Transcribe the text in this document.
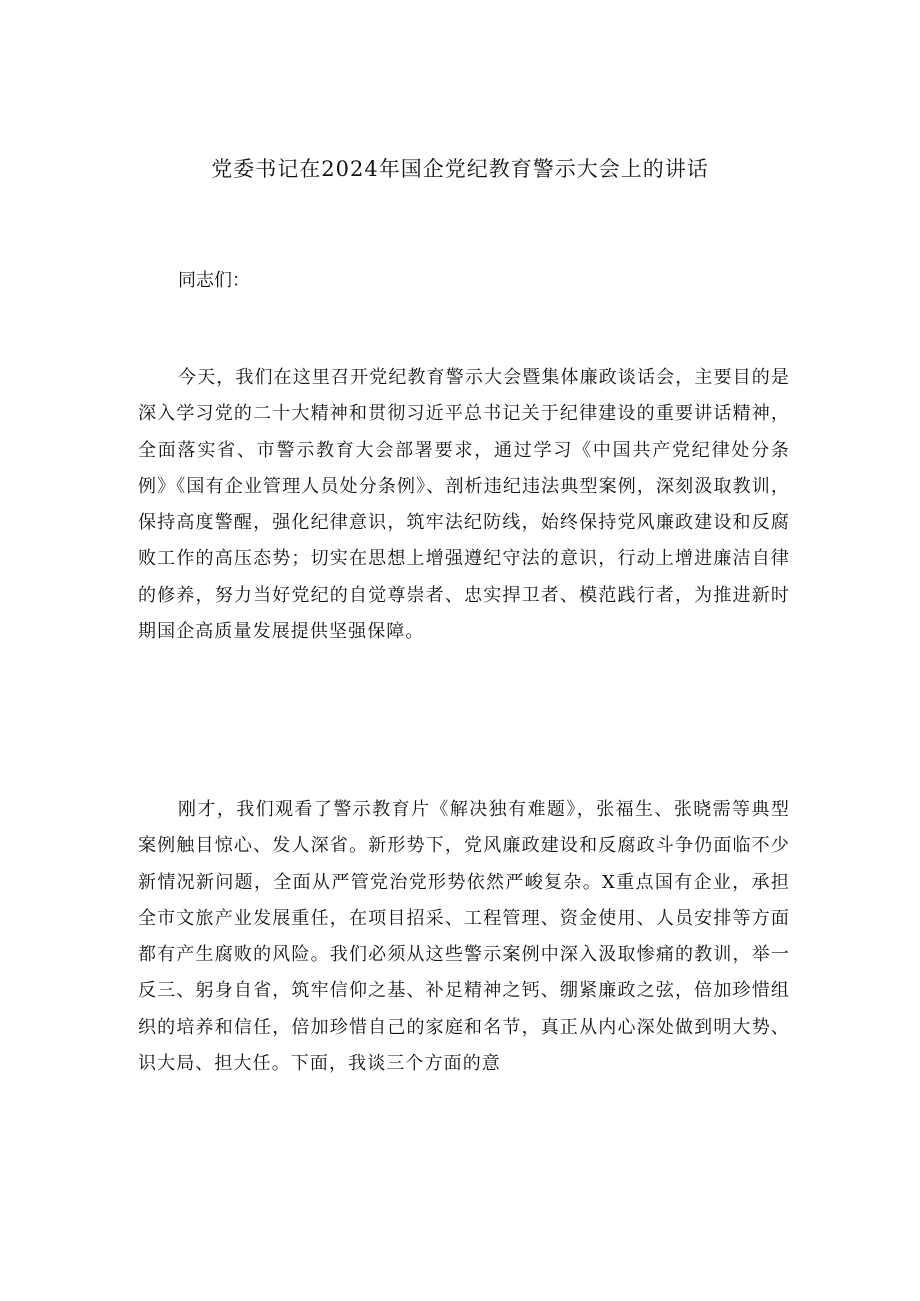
党委书记在2024年国企党纪教育警示大会上的讲话
同志们：

今天，我们在这里召开党纪教育警示大会暨集体廉政谈话会，主要目的是深入学习党的二十大精神和贯彻习近平总书记关于纪律建设的重要讲话精神，全面落实省、市警示教育大会部署要求，通过学习《中国共产党纪律处分条例》《国有企业管理人员处分条例》、剖析违纪违法典型案例，深刻汲取教训，保持高度警醒，强化纪律意识，筑牢法纪防线，始终保持党风廉政建设和反腐败工作的高压态势；切实在思想上增强遵纪守法的意识，行动上增进廉洁自律的修养，努力当好党纪的自觉尊崇者、忠实捍卫者、模范践行者，为推进新时期国企高质量发展提供坚强保障。

刚才，我们观看了警示教育片《解决独有难题》，张福生、张晓需等典型案例触目惊心、发人深省。新形势下，党风廉政建设和反腐政斗争仍面临不少新情况新问题，全面从严管党治党形势依然严峻复杂。X重点国有企业，承担全市文旅产业发展重任，在项目招采、工程管理、资金使用、人员安排等方面都有产生腐败的风险。我们必须从这些警示案例中深入汲取惨痛的教训，举一反三、躬身自省，筑牢信仰之基、补足精神之钙、绷紧廉政之弦，倍加珍惜组织的培养和信任，倍加珍惜自己的家庭和名节，真正从内心深处做到明大势、识大局、担大任。下面，我谈三个方面的意
